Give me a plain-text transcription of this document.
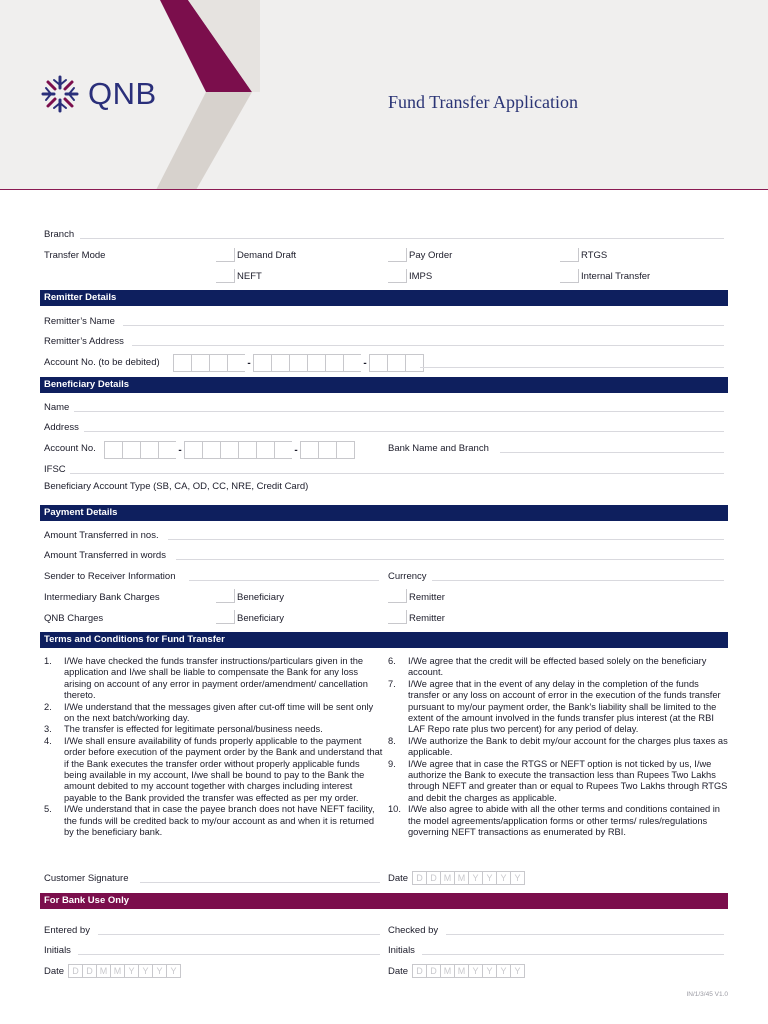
QNB	Fund Transfer Application
Branch
Transfer Mode	Demand Draft	Pay Order	RTGS
NEFT	IMPS	Internal Transfer
Remitter Details
Remitter’s Name
Remitter’s Address
Account No. (to be debited)	-	-
Beneficiary Details
Name
Address
Account No.	-	-	Bank Name and Branch
IFSC
Beneficiary Account Type (SB, CA, OD, CC, NRE, Credit Card)
Payment Details
Amount Transferred in nos.
Amount Transferred in words
Sender to Receiver Information	Currency
Intermediary Bank Charges	Beneficiary	Remitter
QNB Charges	Beneficiary	Remitter
Terms and Conditions for Fund Transfer
1. I/We have checked the funds transfer instructions/particulars given in the application and I/we shall be liable to compensate the Bank for any loss arising on account of any error in payment order/amendment/ cancellation thereto.
2. I/We understand that the messages given after cut-off time will be sent only on the next batch/working day.
3. The transfer is effected for legitimate personal/business needs.
4. I/We shall ensure availability of funds properly applicable to the payment order before execution of the payment order by the Bank and understand that if the Bank executes the transfer order without properly applicable funds being available in my account, I/we shall be bound to pay to the Bank the amount debited to my account together with charges including interest payable to the Bank provided the transfer was effected as per my order.
5. I/We understand that in case the payee branch does not have NEFT facility, the funds will be credited back to my/our account as and when it is returned by the beneficiary bank.
6. I/We agree that the credit will be effected based solely on the beneficiary account.
7. I/We agree that in the event of any delay in the completion of the funds transfer or any loss on account of error in the execution of the funds transfer pursuant to my/our payment order, the Bank’s liability shall be limited to the extent of the amount involved in the funds transfer plus interest (at the RBI LAF Repo rate plus two percent) for any period of delay.
8. I/We authorize the Bank to debit my/our account for the charges plus taxes as applicable.
9. I/We agree that in case the RTGS or NEFT option is not ticked by us, I/we authorize the Bank to execute the transaction less than Rupees Two Lakhs through NEFT and greater than or equal to Rupees Two Lakhs through RTGS and debit the charges as applicable.
10. I/We also agree to abide with all the other terms and conditions contained in the model agreements/application forms or other terms/ rules/regulations governing NEFT transactions as enumerated by RBI.
Customer Signature	Date D D M M Y Y Y Y
For Bank Use Only
Entered by	Checked by
Initials	Initials
Date D D M M Y Y Y Y	Date D D M M Y Y Y Y
IN/1/3/45 V1.0
